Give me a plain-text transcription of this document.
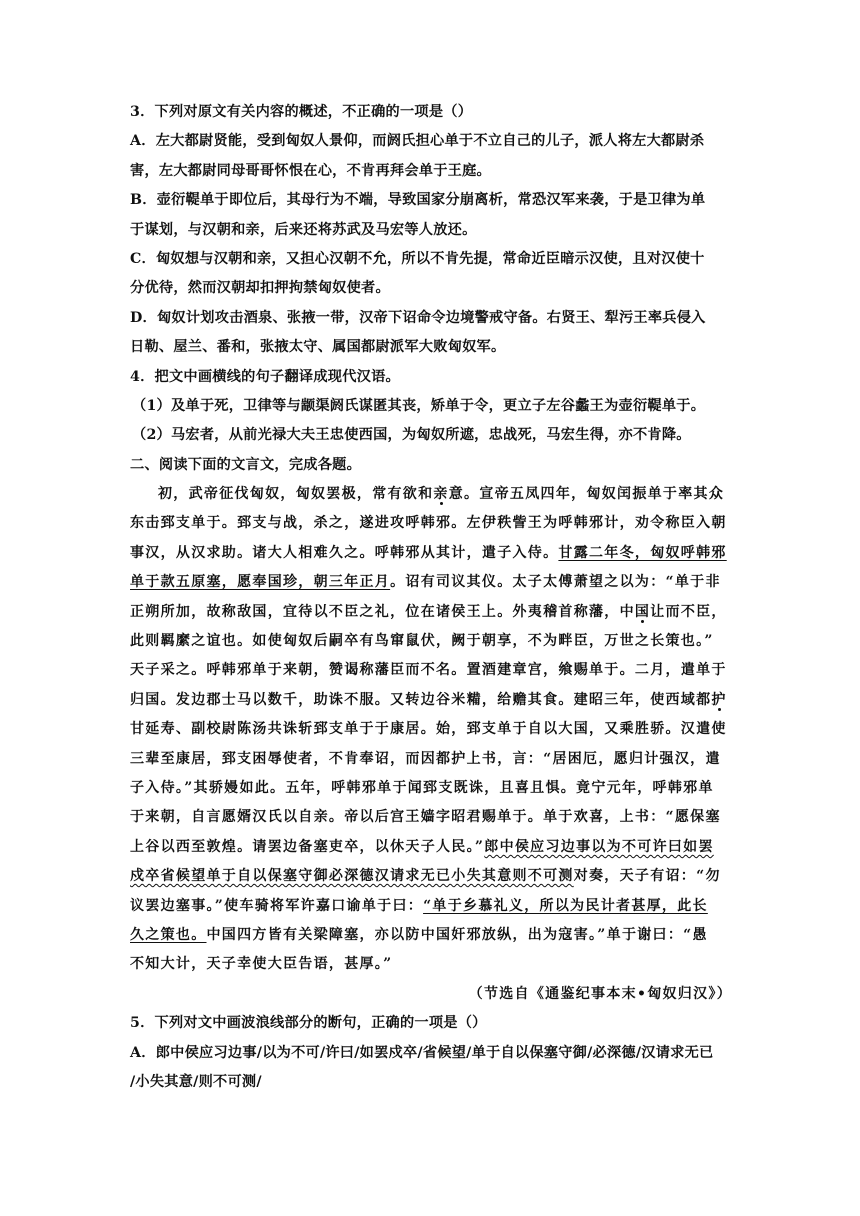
3．下列对原文有关内容的概述，不正确的一项是（）
A．左大都尉贤能，受到匈奴人景仰，而阏氏担心单于不立自己的儿子，派人将左大都尉杀
害，左大都尉同母哥哥怀恨在心，不肯再拜会单于王庭。
B．壶衍鞮单于即位后，其母行为不端，导致国家分崩离析，常恐汉军来袭，于是卫律为单
于谋划，与汉朝和亲，后来还将苏武及马宏等人放还。
C．匈奴想与汉朝和亲，又担心汉朝不允，所以不肯先提，常命近臣暗示汉使，且对汉使十
分优待，然而汉朝却扣押拘禁匈奴使者。
D．匈奴计划攻击酒泉、张掖一带，汉帝下诏命令边境警戒守备。右贤王、犁污王率兵侵入
日勒、屋兰、番和，张掖太守、属国都尉派军大败匈奴军。
4．把文中画横线的句子翻译成现代汉语。
（1）及单于死，卫律等与颛渠阏氏谋匿其丧，矫单于令，更立子左谷蠡王为壶衍鞮单于。
（2）马宏者，从前光禄大夫王忠使西国，为匈奴所遮，忠战死，马宏生得，亦不肯降。
二、阅读下面的文言文，完成各题。
初，武帝征伐匈奴，匈奴罢极，常有欲和亲意。宣帝五凤四年，匈奴闰振单于率其众
东击郅支单于。郅支与战，杀之，遂进攻呼韩邪。左伊秩訾王为呼韩邪计，劝令称臣入朝
事汉，从汉求助。诸大人相难久之。呼韩邪从其计，遣子入侍。甘露二年冬，匈奴呼韩邪
单于款五原塞，愿奉国珍，朝三年正月。诏有司议其仪。太子太傅萧望之以为：“单于非
正朔所加，故称敌国，宜待以不臣之礼，位在诸侯王上。外夷稽首称藩，中国让而不臣，
此则羁縻之谊也。如使匈奴后嗣卒有鸟窜鼠伏，阙于朝享，不为畔臣，万世之长策也。”
天子采之。呼韩邪单于来朝，赞谒称藩臣而不名。置酒建章宫，飨赐单于。二月，遣单于
归国。发边郡士马以数千，助诛不服。又转边谷米糒，给赡其食。建昭三年，使西域都护
甘延寿、副校尉陈汤共诛斩郅支单于于康居。始，郅支单于自以大国，又乘胜骄。汉遣使
三辈至康居，郅支困辱使者，不肯奉诏，而因都护上书，言：“居困厄，愿归计强汉，遣
子入侍。”其骄嫚如此。五年，呼韩邪单于闻郅支既诛，且喜且惧。竟宁元年，呼韩邪单
于来朝，自言愿婿汉氏以自亲。帝以后宫王嫱字昭君赐单于。单于欢喜，上书：“愿保塞
上谷以西至敦煌。请罢边备塞吏卒，以休天子人民。”郎中侯应习边事以为不可许曰如罢
戍卒省候望单于自以保塞守御必深德汉请求无已小失其意则不可测对奏，天子有诏：“勿
议罢边塞事。”使车骑将军许嘉口谕单于曰：“单于乡慕礼义，所以为民计者甚厚，此长
久之策也。中国四方皆有关梁障塞，亦以防中国奸邪放纵，出为寇害。”单于谢曰：“愚
不知大计，天子幸使大臣告语，甚厚。”
（节选自《通鉴纪事本末•匈奴归汉》）
5．下列对文中画波浪线部分的断句，正确的一项是（）
A．郎中侯应习边事/以为不可/许曰/如罢戍卒/省候望/单于自以保塞守御/必深德/汉请求无已
/小失其意/则不可测/
